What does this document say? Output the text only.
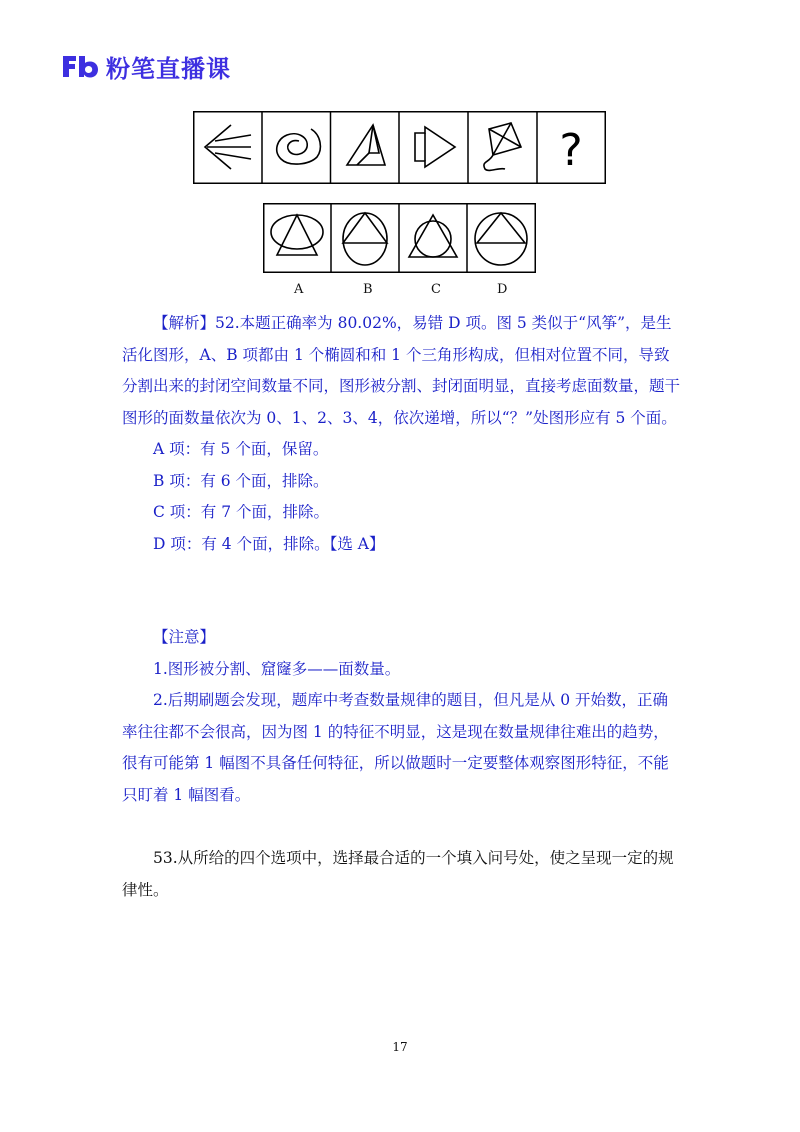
粉笔直播课
?
A	B	C	D

【解析】52.本题正确率为 80.02%，易错 D 项。图 5 类似于“风筝”，是生活化图形，A、B 项都由 1 个椭圆和和 1 个三角形构成，但相对位置不同，导致分割出来的封闭空间数量不同，图形被分割、封闭面明显，直接考虑面数量，题干图形的面数量依次为 0、1、2、3、4，依次递增，所以“？”处图形应有 5 个面。

A 项：有 5 个面，保留。

B 项：有 6 个面，排除。

C 项：有 7 个面，排除。

D 项：有 4 个面，排除。【选 A】

【注意】

1.图形被分割、窟窿多——面数量。

2.后期刷题会发现，题库中考查数量规律的题目，但凡是从 0 开始数，正确率往往都不会很高，因为图 1 的特征不明显，这是现在数量规律往难出的趋势，很有可能第 1 幅图不具备任何特征，所以做题时一定要整体观察图形特征，不能只盯着 1 幅图看。

53.从所给的四个选项中，选择最合适的一个填入问号处，使之呈现一定的规律性。

17
